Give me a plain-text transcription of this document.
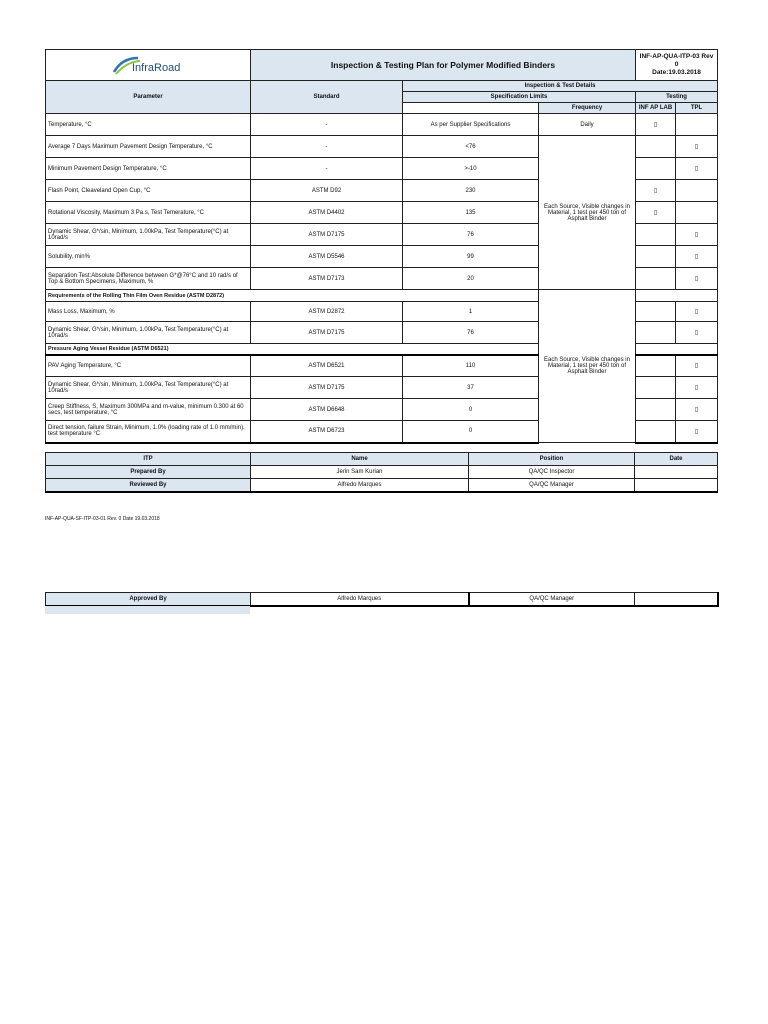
InfraRoad	Inspection & Testing Plan for Polymer Modified Binders			INF-AP-QUA-ITP-03 Rev 0
Date:19.03.2018	

Parameter	Standard	Inspection & Test Details			
		Specification Limits		Testing	
			Frequency	INF AP LAB	TPL
Temperature, °C	-	As per Supplier Specifications	Daily	▯	
Average 7 Days Maximum Pavement Design Temperature, °C	-	<76	Each Source, Visible changes in Material, 1 test per 450 ton of Asphalt Binder		▯
Minimum Pavement Design Temperature, °C	-	>-10			▯
Flash Point, Cleaveland Open Cup, °C	ASTM D92	230		▯	
Rotational Viscosity, Maximum 3 Pa.s, Test Temerature, °C	ASTM D4402	135		▯	
Dynamic Shear, G*/sin, Minimum, 1.00kPa, Test Temperature(°C) at 10rad/s	ASTM D7175	76			▯
Solubility, min%	ASTM D5546	99			▯
Separation Test:Absolute Difference between G*@76°C and 10 rad/s of Top & Bottom Specimens, Maximum, %	ASTM D7173	20			▯
Requirements of the Rolling Thin Film Oven Residue (ASTM D2872)			Each Source, Visible changes in Material, 1 test per 450 ton of Asphalt Binder		
Mass Loss, Maximum, %	ASTM D2872	1			▯
Dynamic Shear, G*/sin, Minimum, 1.00kPa, Test Temperature(°C) at 10rad/s	ASTM D7175	76			▯
Pressure Aging Vessel Residue (ASTM D6521)					
PAV Aging Temperature, °C	ASTM D6521	110			▯
Dynamic Shear, G*/sin, Minimum, 1.00kPa, Test Temperature(°C) at 10rad/s	ASTM D7175	37			▯
Creep Stiffness, S, Maximum 300MPa and m-value, minimum 0.300 at 60 secs, test temperature, °C	ASTM D6648	0			▯
Direct tension, failure Strain, Minimum, 1.0% (loading rate of 1.0 mm/min), test temperature °C	ASTM D6723	0			▯
ITP	Name	Position	Date
Prepared By	Jerin Sam Kurian	QA/QC Inspector	
Reviewed By	Alfredo Marques	QA/QC Manager	
INF-AP-QUA-SF-ITP-03-01 Rev. 0 Date 19.03.2018
Approved By	Alfredo Marques	QA/QC Manager	
